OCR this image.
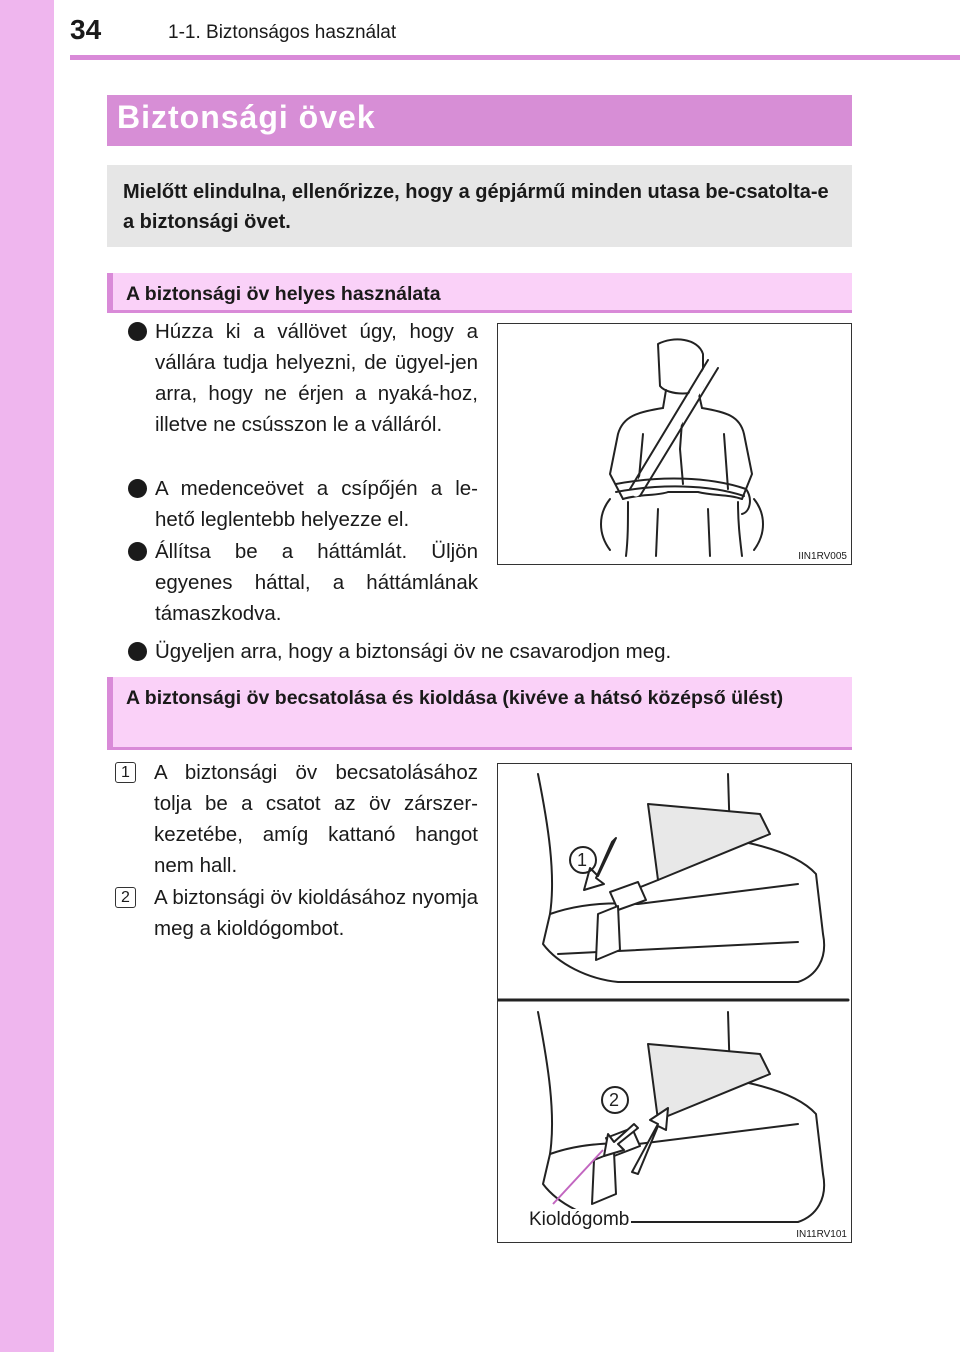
34	1-1. Biztonságos használat
Biztonsági övek

Mielőtt elindulna, ellenőrizze, hogy a gépjármű minden utasa be-csatolta-e a biztonsági övet.

A biztonsági öv helyes használata
Húzza ki a vállövet úgy, hogy a vállára tudja helyezni, de ügyel-jen arra, hogy ne érjen a nyaká-hoz, illetve ne csússzon le a válláról.
A medenceövet a csípőjén a le-hető leglentebb helyezze el.
Állítsa be a háttámlát. Üljön egyenes háttal, a háttámlának támaszkodva.
Ügyeljen arra, hogy a biztonsági öv ne csavarodjon meg.
IIN1RV005
A biztonsági öv becsatolása és kioldása (kivéve a hátsó középső ülést)
1	A biztonsági öv becsatolásához tolja be a csatot az öv zárszer-kezetébe, amíg kattanó hangot nem hall.
2	A biztonsági öv kioldásához nyomja meg a kioldógombot.
1
2
Kioldógomb
IN11RV101
